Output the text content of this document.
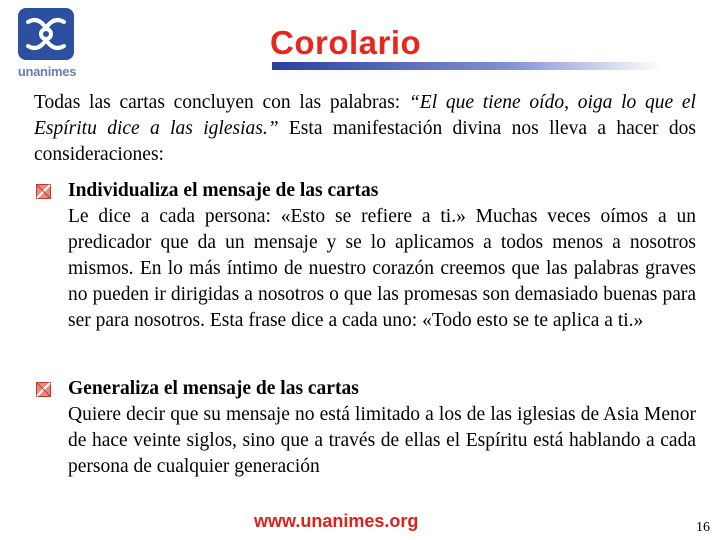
unanimes
Corolario
Todas las cartas concluyen con las palabras: “El que tiene oído, oiga lo que el Espíritu dice a las iglesias.” Esta manifestación divina nos lleva a hacer dos consideraciones:
Individualiza el mensaje de las cartas
Le dice a cada persona: «Esto se refiere a ti.» Muchas veces oímos a un predicador que da un mensaje y se lo aplicamos a todos menos a nosotros mismos. En lo más íntimo de nuestro corazón creemos que las palabras graves no pueden ir dirigidas a nosotros o que las promesas son demasiado buenas para ser para nosotros. Esta frase dice a cada uno: «Todo esto se te aplica a ti.»
Generaliza el mensaje de las cartas
Quiere decir que su mensaje no está limitado a los de las iglesias de Asia Menor de hace veinte siglos, sino que a través de ellas el Espíritu está hablando a cada persona de cualquier generación
www.unanimes.org	16
